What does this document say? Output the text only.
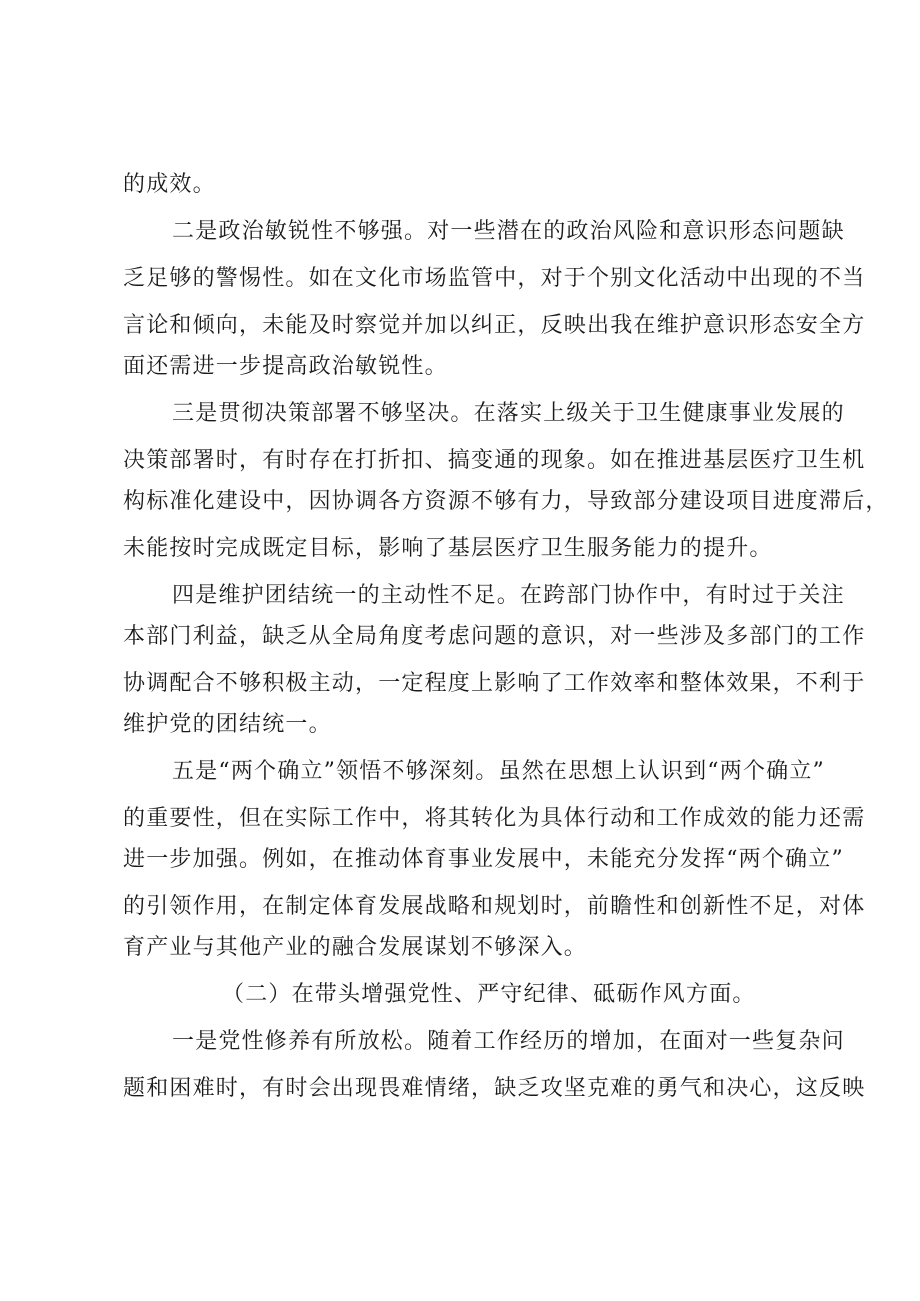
的成效。
二是政治敏锐性不够强。对一些潜在的政治风险和意识形态问题缺
乏足够的警惕性。如在文化市场监管中，对于个别文化活动中出现的不当
言论和倾向，未能及时察觉并加以纠正，反映出我在维护意识形态安全方
面还需进一步提高政治敏锐性。
三是贯彻决策部署不够坚决。在落实上级关于卫生健康事业发展的
决策部署时，有时存在打折扣、搞变通的现象。如在推进基层医疗卫生机
构标准化建设中，因协调各方资源不够有力，导致部分建设项目进度滞后，
未能按时完成既定目标，影响了基层医疗卫生服务能力的提升。
四是维护团结统一的主动性不足。在跨部门协作中，有时过于关注
本部门利益，缺乏从全局角度考虑问题的意识，对一些涉及多部门的工作
协调配合不够积极主动，一定程度上影响了工作效率和整体效果，不利于
维护党的团结统一。
五是“两个确立”领悟不够深刻。虽然在思想上认识到“两个确立”
的重要性，但在实际工作中，将其转化为具体行动和工作成效的能力还需
进一步加强。例如，在推动体育事业发展中，未能充分发挥“两个确立”
的引领作用，在制定体育发展战略和规划时，前瞻性和创新性不足，对体
育产业与其他产业的融合发展谋划不够深入。
（二）在带头增强党性、严守纪律、砥砺作风方面。
一是党性修养有所放松。随着工作经历的增加，在面对一些复杂问
题和困难时，有时会出现畏难情绪，缺乏攻坚克难的勇气和决心，这反映
